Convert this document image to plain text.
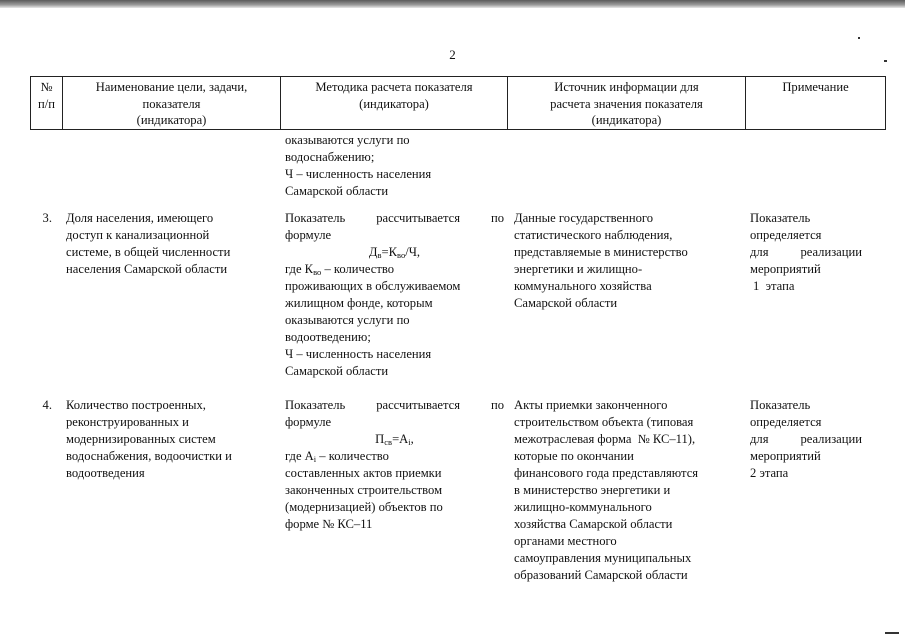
2
№
п/п
Наименование цели, задачи,
показателя
(индикатора)
Методика расчета показателя
(индикатора)
Источник информации для
расчета значения показателя
(индикатора)
Примечание
оказываются услуги по
водоснабжению;
Ч – численность населения
Самарской области
3. Доля населения, имеющего
доступ к канализационной
системе, в общей численности
населения Самарской области
Показатель рассчитывается по
формуле
$Д_в=К_{во}/Ч$,
где $К_{во}$ – количество
проживающих в обслуживаемом
жилищном фонде, которым
оказываются услуги по
водоотведению;
Ч – численность населения
Самарской области
Данные государственного
статистического наблюдения,
представляемые в министерство
энергетики и жилищно-
коммунального хозяйства
Самарской области
Показатель
определяется
для	реализации
мероприятий
1  этапа
4. Количество построенных,
реконструированных и
модернизированных систем
водоснабжения, водоочистки и
водоотведения
Показатель рассчитывается по
формуле
$П_{св}=А_i$,
где $А_i$ – количество
составленных актов приемки
законченных строительством
(модернизацией) объектов по
форме № КС–11
Акты приемки законченного
строительством объекта (типовая
межотраслевая форма  № КС–11),
которые по окончании
финансового года представляются
в министерство энергетики и
жилищно-коммунального
хозяйства Самарской области
органами местного
самоуправления муниципальных
образований Самарской области
Показатель
определяется
для	реализации
мероприятий
2 этапа
